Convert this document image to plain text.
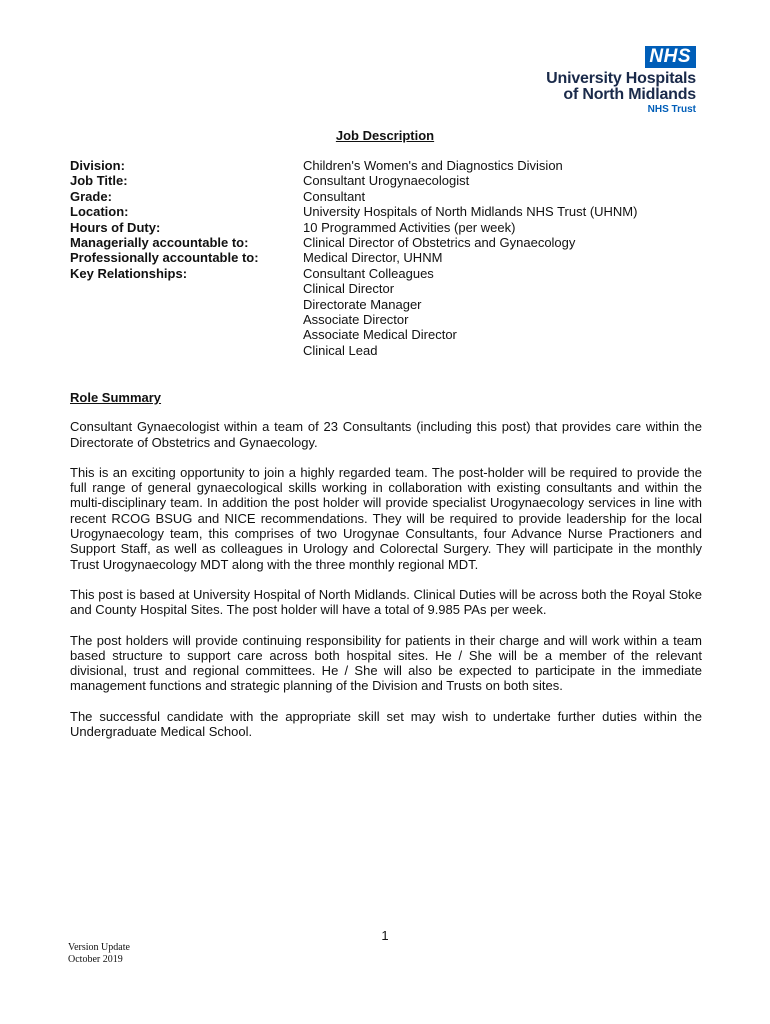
NHS
University Hospitals
of North Midlands
NHS Trust
Job Description
Division:	Children's Women's and Diagnostics Division
Job Title:	Consultant Urogynaecologist
Grade:	Consultant
Location:	University Hospitals of North Midlands NHS Trust (UHNM)
Hours of Duty:	10 Programmed Activities (per week)
Managerially accountable to:	Clinical Director of Obstetrics and Gynaecology
Professionally accountable to:	Medical Director, UHNM
Key Relationships:	Consultant Colleagues
Clinical Director
Directorate Manager
Associate Director
Associate Medical Director
Clinical Lead
Role Summary

Consultant Gynaecologist within a team of 23 Consultants (including this post) that provides care within the Directorate of Obstetrics and Gynaecology.

This is an exciting opportunity to join a highly regarded team. The post-holder will be required to provide the full range of general gynaecological skills working in collaboration with existing consultants and within the multi-disciplinary team. In addition the post holder will provide specialist Urogynaecology services in line with recent RCOG BSUG and NICE recommendations. They will be required to provide leadership for the local Urogynaecology team, this comprises of two Urogynae Consultants, four Advance Nurse Practioners and Support Staff, as well as colleagues in Urology and Colorectal Surgery. They will participate in the monthly Trust Urogynaecology MDT along with the three monthly regional MDT.

This post is based at University Hospital of North Midlands. Clinical Duties will be across both the Royal Stoke and County Hospital Sites. The post holder will have a total of 9.985 PAs per week.

The post holders will provide continuing responsibility for patients in their charge and will work within a team based structure to support care across both hospital sites. He / She will be a member of the relevant divisional, trust and regional committees. He / She will also be expected to participate in the immediate management functions and strategic planning of the Division and Trusts on both sites.

The successful candidate with the appropriate skill set may wish to undertake further duties within the Undergraduate Medical School.

1
Version Update
October 2019
